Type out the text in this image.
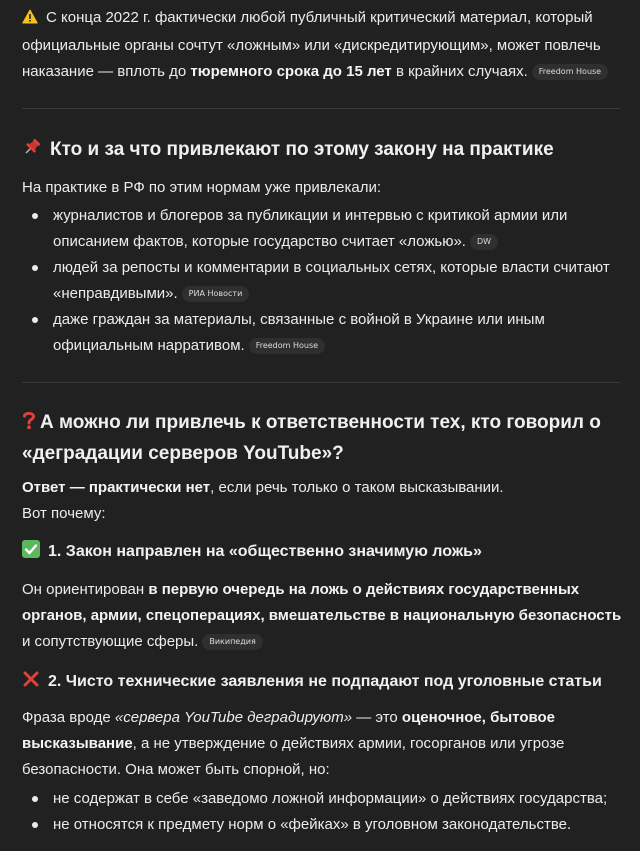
С конца 2022 г. фактически любой публичный критический материал, который официальные органы сочтут «ложным» или «дискредитирующим», может повлечь наказание — вплоть до тюремного срока до 15 лет в крайних случаях. Freedom House

Кто и за что привлекают по этому закону на практике

На практике в РФ по этим нормам уже привлекали:

журналистов и блогеров за публикации и интервью с критикой армии или описанием фактов, которые государство считает «ложью». DW
людей за репосты и комментарии в социальных сетях, которые власти считают «неправдивыми». РИА Новости
даже граждан за материалы, связанные с войной в Украине или иным официальным нарративом. Freedom House
А можно ли привлечь к ответственности тех, кто говорил о «деградации серверов YouTube»?

Ответ — практически нет, если речь только о таком высказывании.
Вот почему:

1. Закон направлен на «общественно значимую ложь»

Он ориентирован в первую очередь на ложь о действиях государственных органов, армии, спецоперациях, вмешательстве в национальную безопасность и сопутствующие сферы. Википедия

2. Чисто технические заявления не подпадают под уголовные статьи

Фраза вроде «сервера YouTube деградируют» — это оценочное, бытовое высказывание, а не утверждение о действиях армии, госорганов или угрозе безопасности. Она может быть спорной, но:

не содержат в себе «заведомо ложной информации» о действиях государства;
не относятся к предмету норм о «фейках» в уголовном законодательстве.
